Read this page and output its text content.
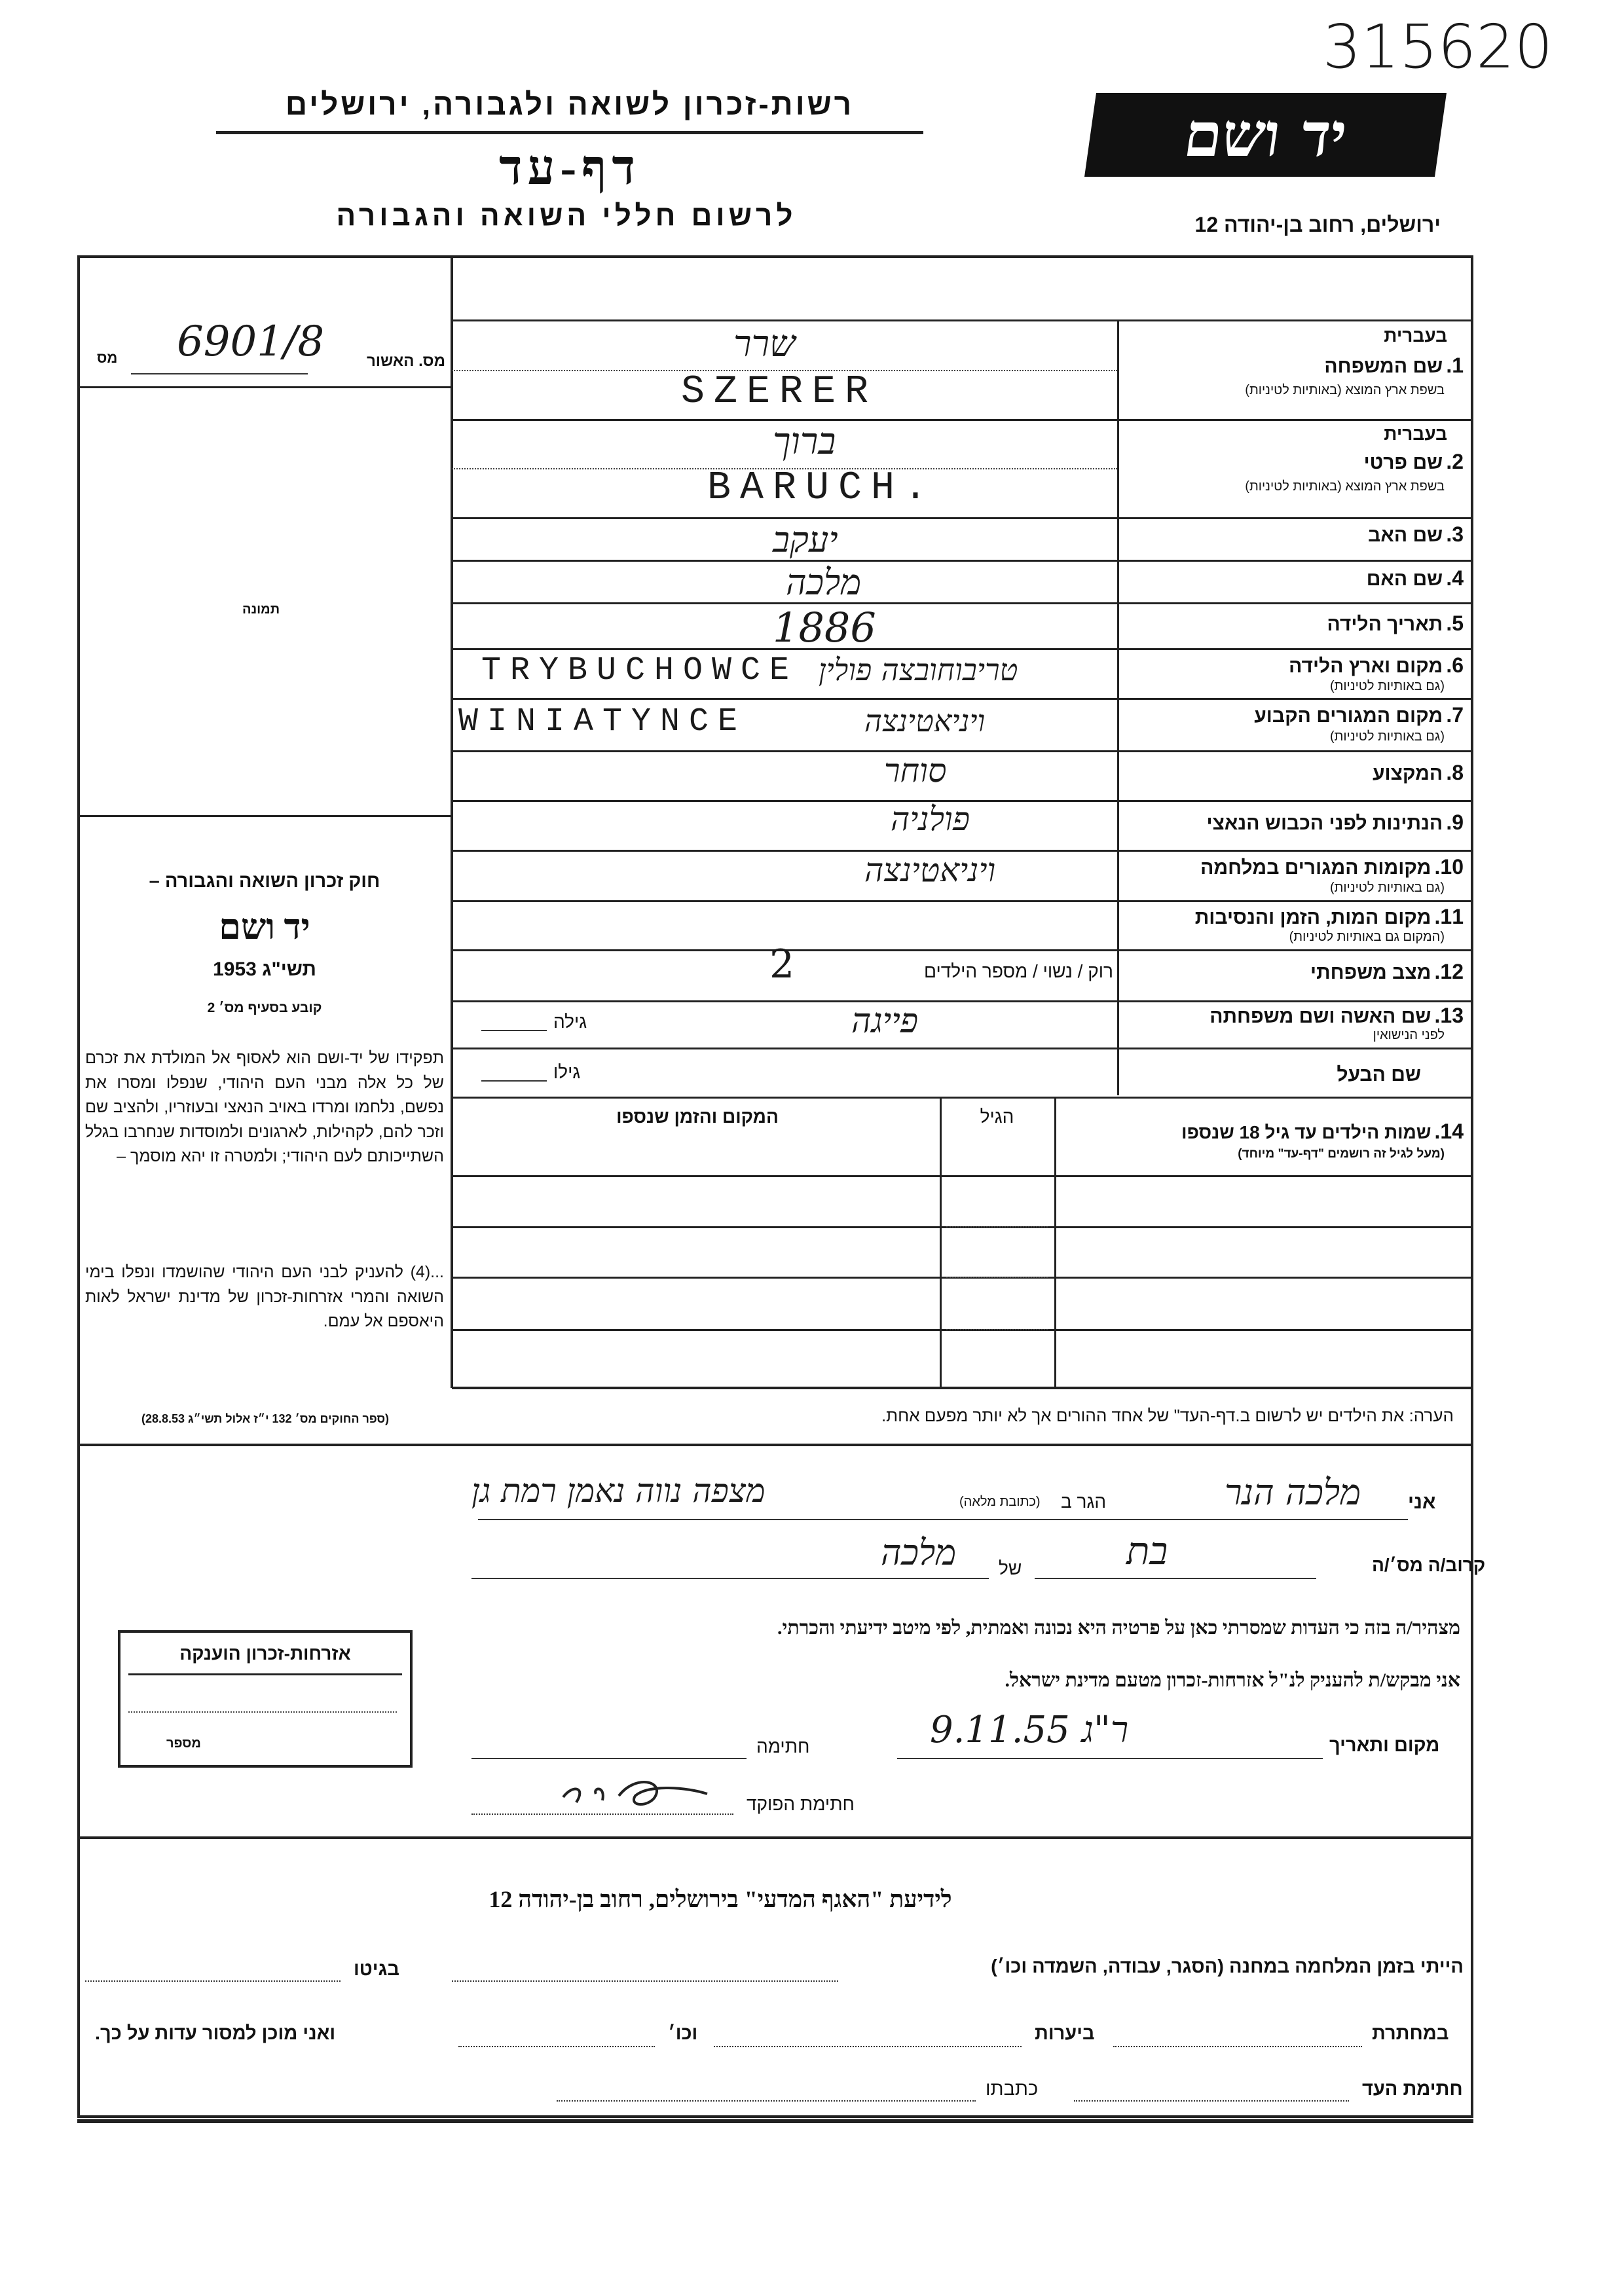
315620
רשות-זכרון לשואה ולגבורה, ירושלים
דף-עד
לרשום חללי השואה והגבורה
יד ושם
ירושלים, רחוב בן-יהודה 12
מס. האשור
6901/8
מס
תמונה
חוק זכרון השואה והגבורה –
יד ושם
תשי"ג 1953
קובע בסעיף מס׳ 2
תפקידו של יד-ושם הוא לאסוף אל המולדת את זכרם של כל אלה מבני העם היהודי, שנפלו ומסרו את נפשם, נלחמו ומרדו באויב הנאצי ובעוזריו, ולהציב שם וזכר להם, לקהילות, לארגונים ולמוסדות שנחרבו בגלל השתייכותם לעם היהודי; ולמטרה זו יהא מוסמך –
...(4) להעניק לבני העם היהודי שהושמדו ונפלו בימי השואה והמרי אזרחות-זכרון של מדינת ישראל לאות היאספם אל עמם.
(ספר החוקים מס׳ 132 י״ז אלול תשי״ג 28.8.53)
בעברית
1. שם המשפחה
בשפת ארץ המוצא (באותיות לטיניות)
בעברית
2. שם פרטי
בשפת ארץ המוצא (באותיות לטיניות)
3. שם האב
4. שם האם
5. תאריך הלידה
6. מקום וארץ הלידה
(גם באותיות לטיניות)
7. מקום המגורים הקבוע
(גם באותיות לטיניות)
8. המקצוע
9. הנתינות לפני הכבוש הנאצי
10. מקומות המגורים במלחמה
(גם באותיות לטיניות)
11. מקום המות, הזמן והנסיבות
(המקום גם באותיות לטיניות)
12. מצב משפחתי
13. שם האשה ושם משפחתה
לפני הנישואין
שם הבעל
14. שמות הילדים עד גיל 18 שנספו
(מעל לגיל זה רושמים "דף-עד" מיוחד)
שרר
SZERER
ברוך
BARUCH.
יעקב
מלכה
1886
טריבוחובצה פולין
TRYBUCHOWCE
ויניאטינצה
WINIATYNCE
סוחר
פולניה
ויניאטינצה
רוק / נשוי / מספר הילדים
2
פייגה
גילה
גילו
הגיל
המקום והזמן שנספו
הערה: את הילדים יש לרשום ב.דף-העד" של אחד ההורים אך לא יותר מפעם אחת.
אני
מלכה הנר
הגר ב
(כתובת מלאה)
מצפה נווה נאמן רמת גן
קרוב/ה מס׳/ה
בת
של
מלכה
מצהיר/ה בזה כי העדות שמסרתי כאן על פרטיה היא נכונה ואמתית, לפי מיטב ידיעתי והכרתי.
אני מבקש/ת להעניק לנ"ל אזרחות-זכרון מטעם מדינת ישראל.
מקום ותאריך
ר"ג 9.11.55
חתימה
חתימת הפוקד
אזרחות-זכרון הוענקה
מספר
לידיעת "האגף המדעי" בירושלים, רחוב בן-יהודה 12
הייתי בזמן המלחמה במחנה (הסגר, עבודה, השמדה וכו׳)
בגיטו
במחתרת
ביערות
וכו׳
ואני מוכן למסור עדות על כך.
חתימת העד
כתבתו
